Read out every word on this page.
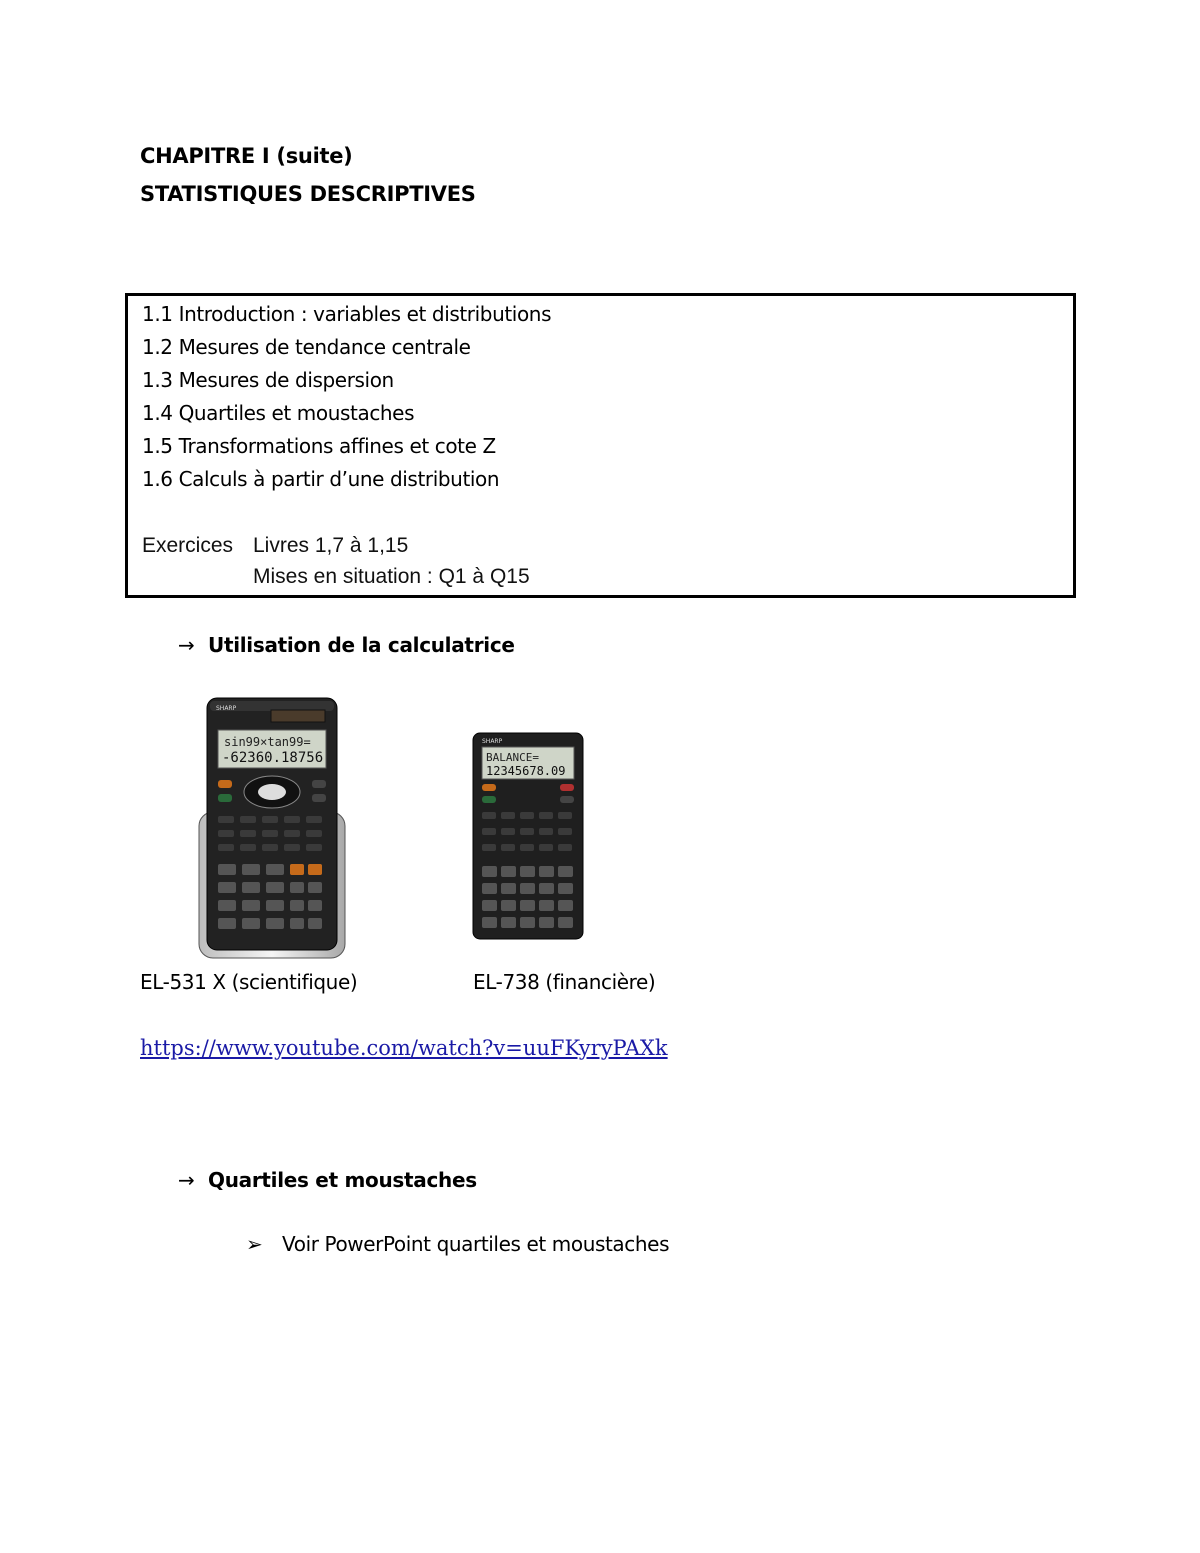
CHAPITRE I (suite)
STATISTIQUES DESCRIPTIVES
1.1 Introduction : variables et distributions
1.2 Mesures de tendance centrale
1.3 Mesures de dispersion
1.4 Quartiles et moustaches
1.5 Transformations affines et cote Z
1.6 Calculs à partir d’une distribution
Exercices Livres 1,7 à 1,15
Mises en situation : Q1 à Q15
→ Utilisation de la calculatrice
SHARP
sin99×tan99=
-62360.18756
SHARP
BALANCE=
12345678.09
EL-531 X (scientifique)	EL-738 (financière)
https://www.youtube.com/watch?v=uuFKyryPAXk
→ Quartiles et moustaches
➢ Voir PowerPoint quartiles et moustaches
